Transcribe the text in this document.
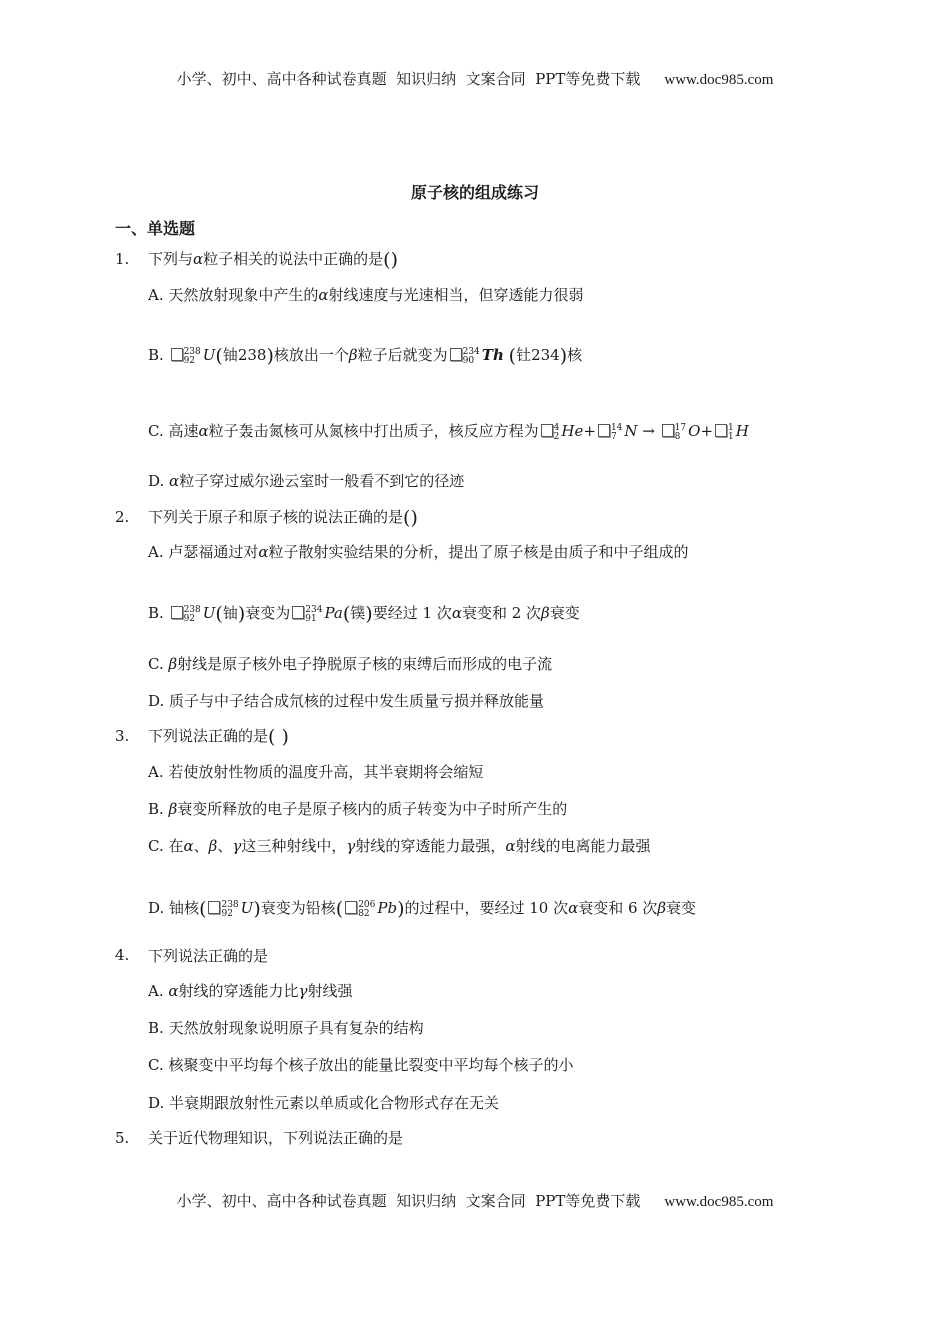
小学、初中、高中各种试卷真题  知识归纳  文案合同  PPT等免费下载 www.doc985.com
原子核的组成练习
一、单选题
1. 下列与α粒子相关的说法中正确的是()
A. 天然放射现象中产生的α射线速度与光速相当，但穿透能力很弱
B. 238
92 U(铀238)核放出一个β粒子后就变为 234
90 Th (钍234)核
C. 高速α粒子轰击氮核可从氮核中打出质子，核反应方程为 4
2 He+ 14
7 N → 17
8 O+ 1
1 H
D. α粒子穿过威尔逊云室时一般看不到它的径迹
2. 下列关于原子和原子核的说法正确的是()
A. 卢瑟福通过对α粒子散射实验结果的分析，提出了原子核是由质子和中子组成的
B. 238
92 U(铀)衰变为 234
91 Pa(镤)要经过 1 次α衰变和 2 次β衰变
C. β射线是原子核外电子挣脱原子核的束缚后而形成的电子流
D. 质子与中子结合成氘核的过程中发生质量亏损并释放能量
3. 下列说法正确的是( )
A. 若使放射性物质的温度升高，其半衰期将会缩短
B. β衰变所释放的电子是原子核内的质子转变为中子时所产生的
C. 在α、β、γ这三种射线中，γ射线的穿透能力最强，α射线的电离能力最强
D. 铀核( 238
92 U)衰变为铅核( 206
82 Pb)的过程中，要经过 10 次α衰变和 6 次β衰变
4. 下列说法正确的是
A. α射线的穿透能力比γ射线强
B. 天然放射现象说明原子具有复杂的结构
C. 核聚变中平均每个核子放出的能量比裂变中平均每个核子的小
D. 半衰期跟放射性元素以单质或化合物形式存在无关
5. 关于近代物理知识，下列说法正确的是
小学、初中、高中各种试卷真题  知识归纳  文案合同  PPT等免费下载 www.doc985.com
